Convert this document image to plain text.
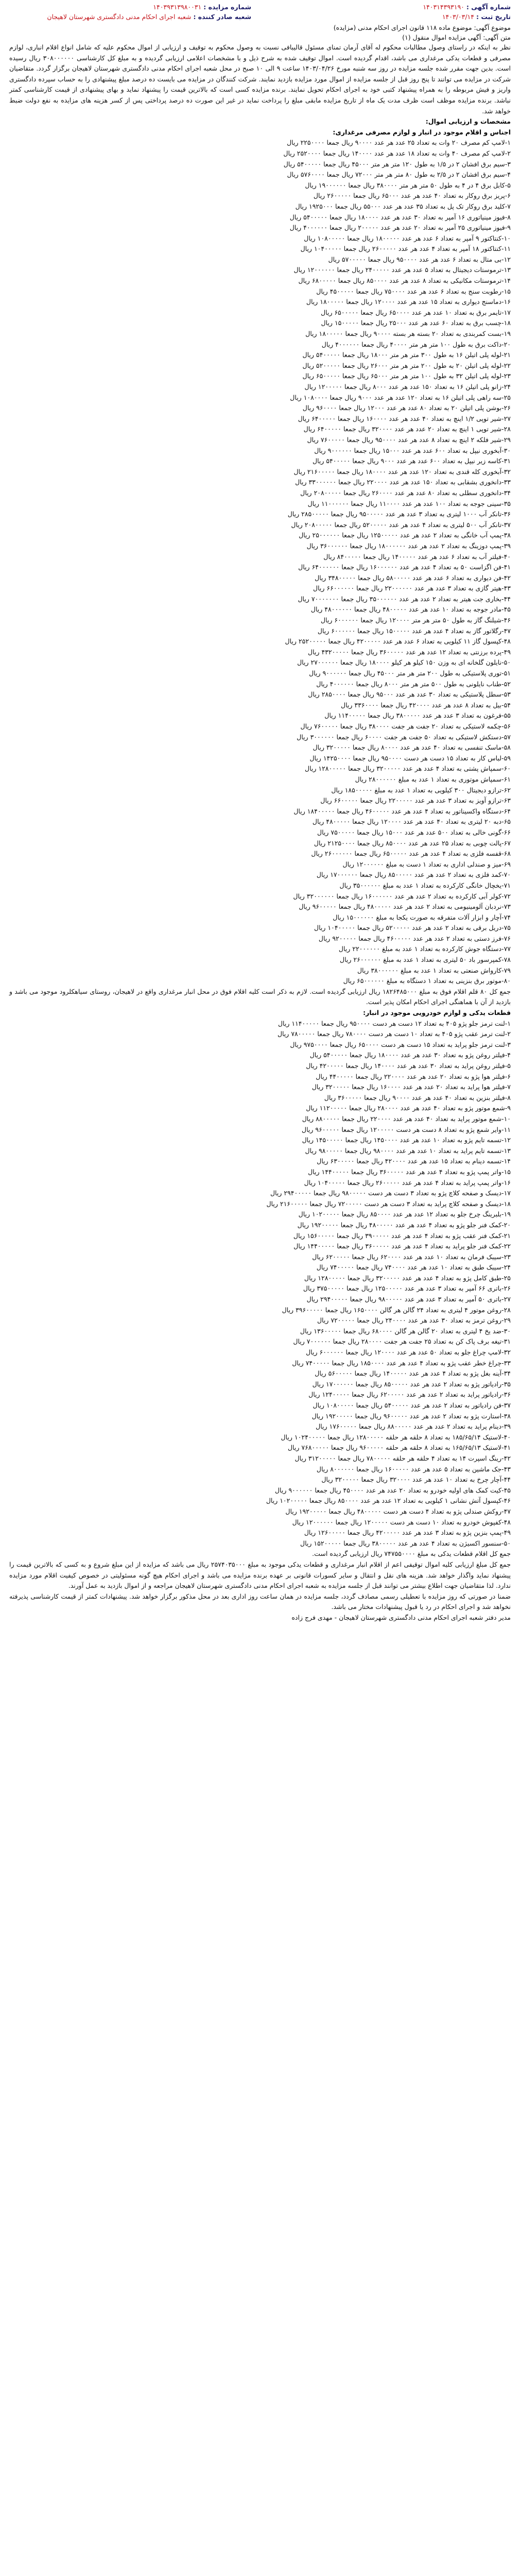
شماره آگهی : ۱۴۰۳۱۴۳۹۳۱۹۰
تاریخ ثبت : ۱۴۰۳/۰۳/۱۴
شماره مزایده : ۱۴۰۳۹۳۱۳۹۸۰۰۳۱
شعبه صادر کننده : شعبه اجرای احکام مدنی دادگستری شهرستان لاهیجان
موضوع آگهی: موضوع ماده ۱۱۸ قانون اجرای احکام مدنی (مزایده)
متن آگهی: آگهی مزایده اموال منقول (۱)

نظر به اینکه در راستای وصول مطالبات محکوم له آقای آرمان تمنای مسئول قالیبافی نسبت به وصول محکوم به توقیف و ارزیابی از اموال محکوم علیه که شامل انواع اقلام انباری، لوازم مصرفی و قطعات یدکی مرغداری می باشد، اقدام گردیده است. اموال توقیف شده به شرح ذیل و با مشخصات اعلامی ارزیابی گردیده و به مبلغ کل کارشناسی ۳۰۸۰۰۰۰۰۰ ریال رسیده است. بدین جهت مقرر شده جلسه مزایده در روز سه شنبه مورخ ۱۴۰۳/۰۴/۲۶ ساعت ۹ الی ۱۰ صبح در محل شعبه اجرای احکام مدنی دادگستری شهرستان لاهیجان برگزار گردد. متقاضیان شرکت در مزایده می توانند تا پنج روز قبل از جلسه مزایده از اموال مورد مزایده بازدید نمایند. شرکت کنندگان در مزایده می بایست ده درصد مبلغ پیشنهادی را به حساب سپرده دادگستری واریز و فیش مربوطه را به همراه پیشنهاد کتبی خود به اجرای احکام تحویل نمایند. برنده مزایده کسی است که بالاترین قیمت را پیشنهاد نماید و بهای پیشنهادی از قیمت کارشناسی کمتر نباشد. برنده مزایده موظف است ظرف مدت یک ماه از تاریخ مزایده مابقی مبلغ را پرداخت نماید در غیر این صورت ده درصد پرداختی پس از کسر هزینه های مزایده به نفع دولت ضبط خواهد شد.

مشخصات و ارزیابی اموال:
اجناس و اقلام موجود در انبار و لوازم مصرفی مرغداری:
۱-لامپ کم مصرف ۲۰ وات به تعداد ۲۵ عدد هر عدد ۹۰۰۰۰ ریال جمعا ۲۲۵۰۰۰۰ ریال
۲-لامپ کم مصرف ۴۰ وات به تعداد ۱۸ عدد هر عدد ۱۴۰۰۰۰ ریال جمعا ۲۵۲۰۰۰۰ ریال
۳-سیم برق افشان ۲ در ۱/۵ به طول ۱۲۰ متر هر متر ۴۵۰۰۰ ریال جمعا ۵۴۰۰۰۰۰ ریال
۴-سیم برق افشان ۲ در ۲/۵ به طول ۸۰ متر هر متر ۷۲۰۰۰ ریال جمعا ۵۷۶۰۰۰۰ ریال
۵-کابل برق ۴ در ۴ به طول ۵۰ متر هر متر ۳۸۰۰۰۰ ریال جمعا ۱۹۰۰۰۰۰۰ ریال
۶-پریز برق روکار به تعداد ۴۰ عدد هر عدد ۶۵۰۰۰ ریال جمعا ۲۶۰۰۰۰۰ ریال
۷-کلید برق روکار تک پل به تعداد ۳۵ عدد هر عدد ۵۵۰۰۰ ریال جمعا ۱۹۲۵۰۰۰ ریال
۸-فیوز مینیاتوری ۱۶ آمپر به تعداد ۳۰ عدد هر عدد ۱۸۰۰۰۰ ریال جمعا ۵۴۰۰۰۰۰ ریال
۹-فیوز مینیاتوری ۲۵ آمپر به تعداد ۲۰ عدد هر عدد ۲۰۰۰۰۰ ریال جمعا ۴۰۰۰۰۰۰ ریال
۱۰-کنتاکتور ۹ آمپر به تعداد ۶ عدد هر عدد ۱۸۰۰۰۰۰ ریال جمعا ۱۰۸۰۰۰۰۰ ریال
۱۱-کنتاکتور ۱۸ آمپر به تعداد ۴ عدد هر عدد ۲۶۰۰۰۰۰ ریال جمعا ۱۰۴۰۰۰۰۰ ریال
۱۲-بی متال به تعداد ۶ عدد هر عدد ۹۵۰۰۰۰ ریال جمعا ۵۷۰۰۰۰۰ ریال
۱۳-ترموستات دیجیتال به تعداد ۵ عدد هر عدد ۲۴۰۰۰۰۰ ریال جمعا ۱۲۰۰۰۰۰۰ ریال
۱۴-ترموستات مکانیکی به تعداد ۸ عدد هر عدد ۸۵۰۰۰۰ ریال جمعا ۶۸۰۰۰۰۰ ریال
۱۵-رطوبت سنج به تعداد ۶ عدد هر عدد ۷۵۰۰۰۰ ریال جمعا ۴۵۰۰۰۰۰ ریال
۱۶-دماسنج دیواری به تعداد ۱۵ عدد هر عدد ۱۲۰۰۰۰ ریال جمعا ۱۸۰۰۰۰۰ ریال
۱۷-تایمر برق به تعداد ۱۰ عدد هر عدد ۶۵۰۰۰۰ ریال جمعا ۶۵۰۰۰۰۰ ریال
۱۸-چسب برق به تعداد ۶۰ عدد هر عدد ۲۵۰۰۰ ریال جمعا ۱۵۰۰۰۰۰ ریال
۱۹-بست کمربندی به تعداد ۲۰ بسته هر بسته ۹۰۰۰۰ ریال جمعا ۱۸۰۰۰۰۰ ریال
۲۰-داکت برق به طول ۱۰۰ متر هر متر ۴۰۰۰۰ ریال جمعا ۴۰۰۰۰۰۰ ریال
۲۱-لوله پلی اتیلن ۱۶ به طول ۳۰۰ متر هر متر ۱۸۰۰۰ ریال جمعا ۵۴۰۰۰۰۰ ریال
۲۲-لوله پلی اتیلن ۲۰ به طول ۲۰۰ متر هر متر ۲۶۰۰۰ ریال جمعا ۵۲۰۰۰۰۰ ریال
۲۳-لوله پلی اتیلن ۳۲ به طول ۱۰۰ متر هر متر ۶۵۰۰۰ ریال جمعا ۶۵۰۰۰۰۰ ریال
۲۴-زانو پلی اتیلن ۱۶ به تعداد ۱۵۰ عدد هر عدد ۸۰۰۰ ریال جمعا ۱۲۰۰۰۰۰ ریال
۲۵-سه راهی پلی اتیلن ۱۶ به تعداد ۱۲۰ عدد هر عدد ۹۰۰۰ ریال جمعا ۱۰۸۰۰۰۰ ریال
۲۶-بوشن پلی اتیلن ۲۰ به تعداد ۸۰ عدد هر عدد ۱۲۰۰۰ ریال جمعا ۹۶۰۰۰۰ ریال
۲۷-شیر توپی ۱/۲ اینچ به تعداد ۴۰ عدد هر عدد ۱۶۰۰۰۰ ریال جمعا ۶۴۰۰۰۰۰ ریال
۲۸-شیر توپی ۱ اینچ به تعداد ۲۰ عدد هر عدد ۳۲۰۰۰۰ ریال جمعا ۶۴۰۰۰۰۰ ریال
۲۹-شیر فلکه ۲ اینچ به تعداد ۸ عدد هر عدد ۹۵۰۰۰۰ ریال جمعا ۷۶۰۰۰۰۰ ریال
۳۰-آبخوری نیپل به تعداد ۶۰۰ عدد هر عدد ۱۵۰۰۰ ریال جمعا ۹۰۰۰۰۰۰ ریال
۳۱-کاسه زیر نیپل به تعداد ۶۰۰ عدد هر عدد ۹۰۰۰ ریال جمعا ۵۴۰۰۰۰۰ ریال
۳۲-آبخوری کله قندی به تعداد ۱۲۰ عدد هر عدد ۱۸۰۰۰۰ ریال جمعا ۲۱۶۰۰۰۰۰ ریال
۳۳-دانخوری بشقابی به تعداد ۱۵۰ عدد هر عدد ۲۲۰۰۰۰ ریال جمعا ۳۳۰۰۰۰۰۰ ریال
۳۴-دانخوری سطلی به تعداد ۸۰ عدد هر عدد ۲۶۰۰۰۰ ریال جمعا ۲۰۸۰۰۰۰۰ ریال
۳۵-سینی جوجه به تعداد ۱۰۰ عدد هر عدد ۱۱۰۰۰۰ ریال جمعا ۱۱۰۰۰۰۰۰ ریال
۳۶-تانکر آب ۱۰۰۰ لیتری به تعداد ۳ عدد هر عدد ۹۵۰۰۰۰۰ ریال جمعا ۲۸۵۰۰۰۰۰ ریال
۳۷-تانکر آب ۵۰۰ لیتری به تعداد ۴ عدد هر عدد ۵۲۰۰۰۰۰ ریال جمعا ۲۰۸۰۰۰۰۰ ریال
۳۸-پمپ آب خانگی به تعداد ۲ عدد هر عدد ۱۲۵۰۰۰۰۰ ریال جمعا ۲۵۰۰۰۰۰۰ ریال
۳۹-پمپ دوزینگ به تعداد ۲ عدد هر عدد ۱۸۰۰۰۰۰۰ ریال جمعا ۳۶۰۰۰۰۰۰ ریال
۴۰-فیلتر آب به تعداد ۶ عدد هر عدد ۱۴۰۰۰۰۰ ریال جمعا ۸۴۰۰۰۰۰ ریال
۴۱-فن اگزاست ۵۰ به تعداد ۴ عدد هر عدد ۱۶۰۰۰۰۰۰ ریال جمعا ۶۴۰۰۰۰۰۰ ریال
۴۲-فن دیواری به تعداد ۶ عدد هر عدد ۵۸۰۰۰۰۰ ریال جمعا ۳۴۸۰۰۰۰۰ ریال
۴۳-هیتر گازی به تعداد ۳ عدد هر عدد ۲۲۰۰۰۰۰۰ ریال جمعا ۶۶۰۰۰۰۰۰ ریال
۴۴-بخاری جت هیتر به تعداد ۲ عدد هر عدد ۳۵۰۰۰۰۰۰ ریال جمعا ۷۰۰۰۰۰۰۰ ریال
۴۵-مادر جوجه به تعداد ۱۰ عدد هر عدد ۴۸۰۰۰۰۰ ریال جمعا ۴۸۰۰۰۰۰۰ ریال
۴۶-شیلنگ گاز به طول ۵۰ متر هر متر ۱۲۰۰۰۰ ریال جمعا ۶۰۰۰۰۰۰ ریال
۴۷-رگلاتور گاز به تعداد ۴ عدد هر عدد ۱۵۰۰۰۰۰ ریال جمعا ۶۰۰۰۰۰۰ ریال
۴۸-کپسول گاز ۱۱ کیلویی به تعداد ۶ عدد هر عدد ۴۲۰۰۰۰۰ ریال جمعا ۲۵۲۰۰۰۰۰ ریال
۴۹-پرده برزنتی به تعداد ۱۲ عدد هر عدد ۳۶۰۰۰۰۰ ریال جمعا ۴۳۲۰۰۰۰۰ ریال
۵۰-نایلون گلخانه ای به وزن ۱۵۰ کیلو هر کیلو ۱۸۰۰۰۰ ریال جمعا ۲۷۰۰۰۰۰۰ ریال
۵۱-توری پلاستیکی به طول ۲۰۰ متر هر متر ۴۵۰۰۰ ریال جمعا ۹۰۰۰۰۰۰ ریال
۵۲-طناب نایلونی به طول ۵۰۰ متر هر متر ۸۰۰۰ ریال جمعا ۴۰۰۰۰۰۰ ریال
۵۳-سطل پلاستیکی به تعداد ۳۰ عدد هر عدد ۹۵۰۰۰ ریال جمعا ۲۸۵۰۰۰۰ ریال
۵۴-بیل به تعداد ۸ عدد هر عدد ۴۲۰۰۰۰ ریال جمعا ۳۳۶۰۰۰۰ ریال
۵۵-فرغون به تعداد ۳ عدد هر عدد ۳۸۰۰۰۰۰ ریال جمعا ۱۱۴۰۰۰۰۰ ریال
۵۶-چکمه لاستیکی به تعداد ۲۰ جفت هر جفت ۳۸۰۰۰۰ ریال جمعا ۷۶۰۰۰۰۰ ریال
۵۷-دستکش لاستیکی به تعداد ۵۰ جفت هر جفت ۶۰۰۰۰ ریال جمعا ۳۰۰۰۰۰۰ ریال
۵۸-ماسک تنفسی به تعداد ۴۰ عدد هر عدد ۸۰۰۰۰ ریال جمعا ۳۲۰۰۰۰۰ ریال
۵۹-لباس کار به تعداد ۱۵ دست هر دست ۹۵۰۰۰۰ ریال جمعا ۱۴۲۵۰۰۰۰ ریال
۶۰-سمپاش پشتی به تعداد ۴ عدد هر عدد ۳۲۰۰۰۰۰ ریال جمعا ۱۲۸۰۰۰۰۰ ریال
۶۱-سمپاش موتوری به تعداد ۱ عدد به مبلغ ۲۸۰۰۰۰۰۰ ریال
۶۲-ترازو دیجیتال ۳۰۰ کیلویی به تعداد ۱ عدد به مبلغ ۱۸۵۰۰۰۰۰ ریال
۶۳-ترازو آویز به تعداد ۳ عدد هر عدد ۲۲۰۰۰۰۰ ریال جمعا ۶۶۰۰۰۰۰ ریال
۶۴-دستگاه واکسیناتور به تعداد ۴ عدد هر عدد ۴۶۰۰۰۰۰ ریال جمعا ۱۸۴۰۰۰۰۰ ریال
۶۵-دبه ۲۰ لیتری به تعداد ۴۰ عدد هر عدد ۱۲۰۰۰۰ ریال جمعا ۴۸۰۰۰۰۰ ریال
۶۶-گونی خالی به تعداد ۵۰۰ عدد هر عدد ۱۵۰۰۰ ریال جمعا ۷۵۰۰۰۰۰ ریال
۶۷-پالت چوبی به تعداد ۲۵ عدد هر عدد ۸۵۰۰۰۰ ریال جمعا ۲۱۲۵۰۰۰۰ ریال
۶۸-قفسه فلزی به تعداد ۴ عدد هر عدد ۶۵۰۰۰۰۰ ریال جمعا ۲۶۰۰۰۰۰۰ ریال
۶۹-میز و صندلی اداری به تعداد ۱ دست به مبلغ ۱۲۰۰۰۰۰۰ ریال
۷۰-کمد فلزی به تعداد ۲ عدد هر عدد ۸۵۰۰۰۰۰ ریال جمعا ۱۷۰۰۰۰۰۰ ریال
۷۱-یخچال خانگی کارکرده به تعداد ۱ عدد به مبلغ ۳۵۰۰۰۰۰۰ ریال
۷۲-کولر آبی کارکرده به تعداد ۲ عدد هر عدد ۱۶۰۰۰۰۰۰ ریال جمعا ۳۲۰۰۰۰۰۰ ریال
۷۳-نردبان آلومینیومی به تعداد ۲ عدد هر عدد ۴۸۰۰۰۰۰ ریال جمعا ۹۶۰۰۰۰۰ ریال
۷۴-آچار و ابزار آلات متفرقه به صورت یکجا به مبلغ ۱۵۰۰۰۰۰۰ ریال
۷۵-دریل برقی به تعداد ۲ عدد هر عدد ۵۲۰۰۰۰۰ ریال جمعا ۱۰۴۰۰۰۰۰ ریال
۷۶-فرز دستی به تعداد ۲ عدد هر عدد ۴۶۰۰۰۰۰ ریال جمعا ۹۲۰۰۰۰۰ ریال
۷۷-دستگاه جوش کارکرده به تعداد ۱ عدد به مبلغ ۲۲۰۰۰۰۰۰ ریال
۷۸-کمپرسور باد ۵۰ لیتری به تعداد ۱ عدد به مبلغ ۲۶۰۰۰۰۰۰ ریال
۷۹-کارواش صنعتی به تعداد ۱ عدد به مبلغ ۳۸۰۰۰۰۰۰ ریال
۸۰-موتور برق بنزینی به تعداد ۱ دستگاه به مبلغ ۶۵۰۰۰۰۰۰ ریال

جمع کل ۸۰ قلم اقلام فوق به مبلغ ۱۸۲۶۴۸۵۰۰۰ ریال ارزیابی گردیده است. لازم به ذکر است کلیه اقلام فوق در محل انبار مرغداری واقع در لاهیجان، روستای سیاهکلرود موجود می باشد و بازدید از آن با هماهنگی اجرای احکام امکان پذیر است.

قطعات یدکی و لوازم خودرویی موجود در انبار:
۱-لنت ترمز جلو پژو ۴۰۵ به تعداد ۱۲ دست هر دست ۹۵۰۰۰۰ ریال جمعا ۱۱۴۰۰۰۰۰ ریال
۲-لنت ترمز عقب پژو ۴۰۵ به تعداد ۱۰ دست هر دست ۷۸۰۰۰۰ ریال جمعا ۷۸۰۰۰۰۰ ریال
۳-لنت ترمز جلو پراید به تعداد ۱۵ دست هر دست ۶۵۰۰۰۰ ریال جمعا ۹۷۵۰۰۰۰ ریال
۴-فیلتر روغن پژو به تعداد ۳۰ عدد هر عدد ۱۸۰۰۰۰ ریال جمعا ۵۴۰۰۰۰۰ ریال
۵-فیلتر روغن پراید به تعداد ۳۰ عدد هر عدد ۱۴۰۰۰۰ ریال جمعا ۴۲۰۰۰۰۰ ریال
۶-فیلتر هوا پژو به تعداد ۲۰ عدد هر عدد ۲۲۰۰۰۰ ریال جمعا ۴۴۰۰۰۰۰ ریال
۷-فیلتر هوا پراید به تعداد ۲۰ عدد هر عدد ۱۶۰۰۰۰ ریال جمعا ۳۲۰۰۰۰۰ ریال
۸-فیلتر بنزین به تعداد ۴۰ عدد هر عدد ۹۰۰۰۰ ریال جمعا ۳۶۰۰۰۰۰ ریال
۹-شمع موتور پژو به تعداد ۴۰ عدد هر عدد ۲۸۰۰۰۰ ریال جمعا ۱۱۲۰۰۰۰۰ ریال
۱۰-شمع موتور پراید به تعداد ۴۰ عدد هر عدد ۲۲۰۰۰۰ ریال جمعا ۸۸۰۰۰۰۰ ریال
۱۱-وایر شمع پژو به تعداد ۸ دست هر دست ۱۲۰۰۰۰۰ ریال جمعا ۹۶۰۰۰۰۰ ریال
۱۲-تسمه تایم پژو به تعداد ۱۰ عدد هر عدد ۱۴۵۰۰۰۰ ریال جمعا ۱۴۵۰۰۰۰۰ ریال
۱۳-تسمه تایم پراید به تعداد ۱۰ عدد هر عدد ۹۸۰۰۰۰ ریال جمعا ۹۸۰۰۰۰۰ ریال
۱۴-تسمه دینام به تعداد ۱۵ عدد هر عدد ۴۲۰۰۰۰ ریال جمعا ۶۳۰۰۰۰۰ ریال
۱۵-واتر پمپ پژو به تعداد ۴ عدد هر عدد ۳۶۰۰۰۰۰ ریال جمعا ۱۴۴۰۰۰۰۰ ریال
۱۶-واتر پمپ پراید به تعداد ۴ عدد هر عدد ۲۶۰۰۰۰۰ ریال جمعا ۱۰۴۰۰۰۰۰ ریال
۱۷-دیسک و صفحه کلاچ پژو به تعداد ۳ دست هر دست ۹۸۰۰۰۰۰ ریال جمعا ۲۹۴۰۰۰۰۰ ریال
۱۸-دیسک و صفحه کلاچ پراید به تعداد ۳ دست هر دست ۷۲۰۰۰۰۰ ریال جمعا ۲۱۶۰۰۰۰۰ ریال
۱۹-بلبرینگ چرخ جلو به تعداد ۱۲ عدد هر عدد ۸۵۰۰۰۰ ریال جمعا ۱۰۲۰۰۰۰۰ ریال
۲۰-کمک فنر جلو پژو به تعداد ۴ عدد هر عدد ۴۸۰۰۰۰۰ ریال جمعا ۱۹۲۰۰۰۰۰ ریال
۲۱-کمک فنر عقب پژو به تعداد ۴ عدد هر عدد ۳۹۰۰۰۰۰ ریال جمعا ۱۵۶۰۰۰۰۰ ریال
۲۲-کمک فنر جلو پراید به تعداد ۴ عدد هر عدد ۳۶۰۰۰۰۰ ریال جمعا ۱۴۴۰۰۰۰۰ ریال
۲۳-سیبک فرمان به تعداد ۱۰ عدد هر عدد ۶۲۰۰۰۰ ریال جمعا ۶۲۰۰۰۰۰ ریال
۲۴-سیبک طبق به تعداد ۱۰ عدد هر عدد ۷۴۰۰۰۰ ریال جمعا ۷۴۰۰۰۰۰ ریال
۲۵-طبق کامل پژو به تعداد ۴ عدد هر عدد ۳۲۰۰۰۰۰ ریال جمعا ۱۲۸۰۰۰۰۰ ریال
۲۶-باتری ۶۶ آمپر به تعداد ۳ عدد هر عدد ۱۲۵۰۰۰۰۰ ریال جمعا ۳۷۵۰۰۰۰۰ ریال
۲۷-باتری ۵۰ آمپر به تعداد ۳ عدد هر عدد ۹۸۰۰۰۰۰ ریال جمعا ۲۹۴۰۰۰۰۰ ریال
۲۸-روغن موتور ۴ لیتری به تعداد ۲۴ گالن هر گالن ۱۶۵۰۰۰۰ ریال جمعا ۳۹۶۰۰۰۰۰ ریال
۲۹-روغن ترمز به تعداد ۳۰ عدد هر عدد ۲۴۰۰۰۰ ریال جمعا ۷۲۰۰۰۰۰ ریال
۳۰-ضد یخ ۴ لیتری به تعداد ۲۰ گالن هر گالن ۶۸۰۰۰۰ ریال جمعا ۱۳۶۰۰۰۰۰ ریال
۳۱-تیغه برف پاک کن به تعداد ۲۵ جفت هر جفت ۲۸۰۰۰۰ ریال جمعا ۷۰۰۰۰۰۰ ریال
۳۲-لامپ چراغ جلو به تعداد ۵۰ عدد هر عدد ۱۲۰۰۰۰ ریال جمعا ۶۰۰۰۰۰۰ ریال
۳۳-چراغ خطر عقب پژو به تعداد ۴ عدد هر عدد ۱۸۵۰۰۰۰ ریال جمعا ۷۴۰۰۰۰۰ ریال
۳۴-آینه بغل پژو به تعداد ۴ عدد هر عدد ۱۴۰۰۰۰۰ ریال جمعا ۵۶۰۰۰۰۰ ریال
۳۵-رادیاتور پژو به تعداد ۲ عدد هر عدد ۸۵۰۰۰۰۰ ریال جمعا ۱۷۰۰۰۰۰۰ ریال
۳۶-رادیاتور پراید به تعداد ۲ عدد هر عدد ۶۲۰۰۰۰۰ ریال جمعا ۱۲۴۰۰۰۰۰ ریال
۳۷-فن رادیاتور به تعداد ۲ عدد هر عدد ۵۴۰۰۰۰۰ ریال جمعا ۱۰۸۰۰۰۰۰ ریال
۳۸-استارت پژو به تعداد ۲ عدد هر عدد ۹۶۰۰۰۰۰ ریال جمعا ۱۹۲۰۰۰۰۰ ریال
۳۹-دینام پراید به تعداد ۲ عدد هر عدد ۸۸۰۰۰۰۰ ریال جمعا ۱۷۶۰۰۰۰۰ ریال
۴۰-لاستیک ۱۸۵/۶۵/۱۴ به تعداد ۸ حلقه هر حلقه ۱۲۸۰۰۰۰۰ ریال جمعا ۱۰۲۴۰۰۰۰۰ ریال
۴۱-لاستیک ۱۶۵/۶۵/۱۳ به تعداد ۸ حلقه هر حلقه ۹۶۰۰۰۰۰ ریال جمعا ۷۶۸۰۰۰۰۰ ریال
۴۲-رینگ اسپرت ۱۴ به تعداد ۴ حلقه هر حلقه ۷۸۰۰۰۰۰ ریال جمعا ۳۱۲۰۰۰۰۰ ریال
۴۳-جک ماشین به تعداد ۵ عدد هر عدد ۱۶۰۰۰۰۰ ریال جمعا ۸۰۰۰۰۰۰ ریال
۴۴-آچار چرخ به تعداد ۱۰ عدد هر عدد ۳۲۰۰۰۰ ریال جمعا ۳۲۰۰۰۰۰ ریال
۴۵-کیت کمک های اولیه خودرو به تعداد ۲۰ عدد هر عدد ۴۵۰۰۰۰ ریال جمعا ۹۰۰۰۰۰۰ ریال
۴۶-کپسول آتش نشانی ۱ کیلویی به تعداد ۱۲ عدد هر عدد ۸۵۰۰۰۰ ریال جمعا ۱۰۲۰۰۰۰۰ ریال
۴۷-روکش صندلی پژو به تعداد ۴ دست هر دست ۴۸۰۰۰۰۰ ریال جمعا ۱۹۲۰۰۰۰۰ ریال
۴۸-کفپوش خودرو به تعداد ۱۰ دست هر دست ۱۲۰۰۰۰۰ ریال جمعا ۱۲۰۰۰۰۰۰ ریال
۴۹-پمپ بنزین پژو به تعداد ۳ عدد هر عدد ۴۲۰۰۰۰۰ ریال جمعا ۱۲۶۰۰۰۰۰ ریال
۵۰-سنسور اکسیژن به تعداد ۴ عدد هر عدد ۳۸۰۰۰۰۰ ریال جمعا ۱۵۲۰۰۰۰۰ ریال

جمع کل اقلام قطعات یدکی به مبلغ ۷۴۷۵۵۰۰۰۰ ریال ارزیابی گردیده است.

جمع کل مبلغ ارزیابی کلیه اموال توقیفی اعم از اقلام انبار مرغداری و قطعات یدکی موجود به مبلغ ۲۵۷۴۰۳۵۰۰۰ ریال می باشد که مزایده از این مبلغ شروع و به کسی که بالاترین قیمت را پیشنهاد نماید واگذار خواهد شد. هزینه های نقل و انتقال و سایر کسورات قانونی بر عهده برنده مزایده می باشد و اجرای احکام هیچ گونه مسئولیتی در خصوص کیفیت اقلام مورد مزایده ندارد. لذا متقاضیان جهت اطلاع بیشتر می توانند قبل از جلسه مزایده به شعبه اجرای احکام مدنی دادگستری شهرستان لاهیجان مراجعه و از اموال بازدید به عمل آورند.

ضمنا در صورتی که روز مزایده با تعطیلی رسمی مصادف گردد، جلسه مزایده در همان ساعت روز اداری بعد در محل مذکور برگزار خواهد شد. پیشنهادات کمتر از قیمت کارشناسی پذیرفته نخواهد شد و اجرای احکام در رد یا قبول پیشنهادات مختار می باشد.

مدیر دفتر شعبه اجرای احکام مدنی دادگستری شهرستان لاهیجان - مهدی فرج زاده
